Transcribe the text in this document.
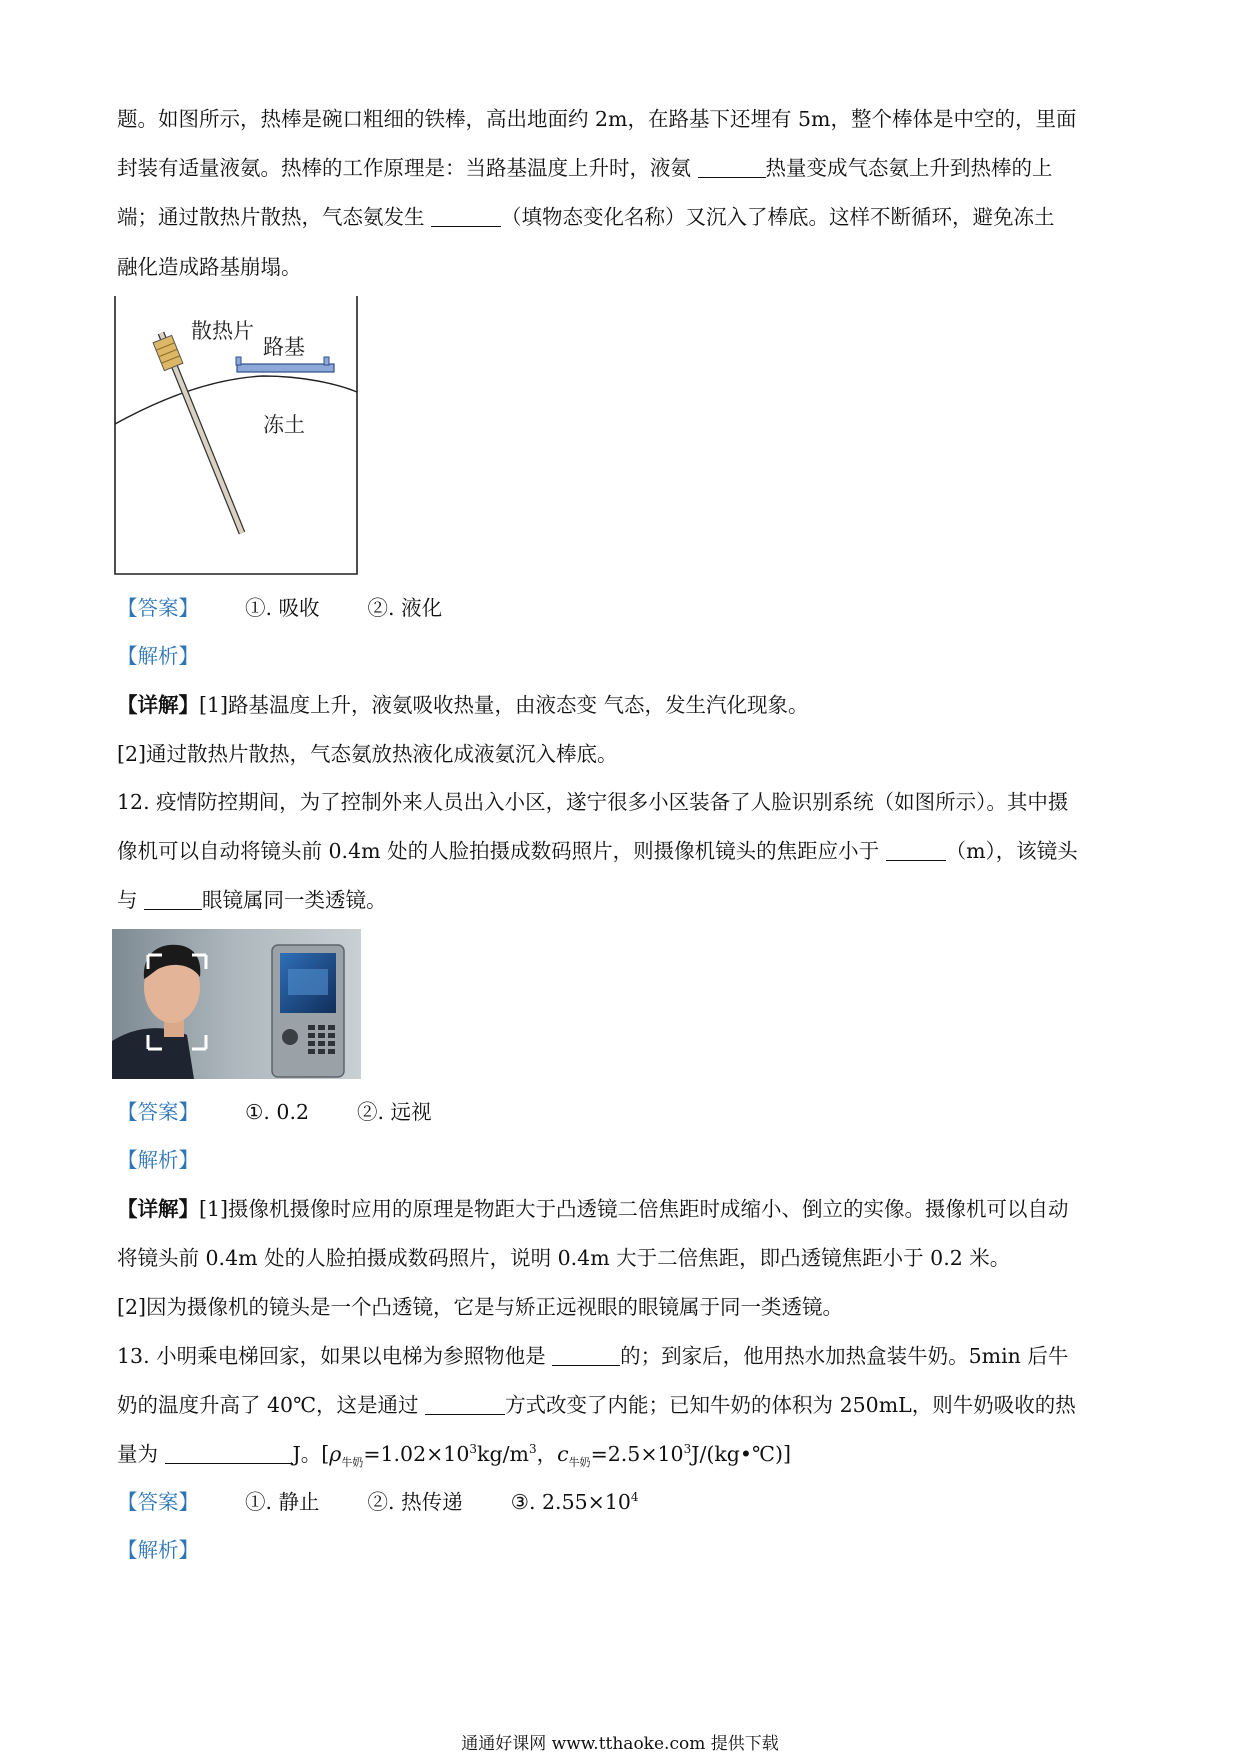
题。如图所示，热棒是碗口粗细的铁棒，高出地面约 2m，在路基下还埋有 5m，整个棒体是中空的，里面
封装有适量液氨。热棒的工作原理是：当路基温度上升时，液氨	热量变成气态氨上升到热棒的上
端；通过散热片散热，气态氨发生	（填物态变化名称）又沉入了棒底。这样不断循环，避免冻土
融化造成路基崩塌。
散热片
路基
冻土
【答案】 ①. 吸收 ②. 液化
【解析】
【详解】[1]路基温度上升，液氨吸收热量，由液态变 气态，发生汽化现象。
[2]通过散热片散热，气态氨放热液化成液氨沉入棒底。
12. 疫情防控期间，为了控制外来人员出入小区，遂宁很多小区装备了人脸识别系统（如图所示）。其中摄
像机可以自动将镜头前 0.4m 处的人脸拍摄成数码照片，则摄像机镜头的焦距应小于	（m），该镜头
与	眼镜属同一类透镜。
【答案】 ①. 0.2 ②. 远视
【解析】
【详解】[1]摄像机摄像时应用的原理是物距大于凸透镜二倍焦距时成缩小、倒立的实像。摄像机可以自动
将镜头前 0.4m 处的人脸拍摄成数码照片，说明 0.4m 大于二倍焦距，即凸透镜焦距小于 0.2 米。
[2]因为摄像机的镜头是一个凸透镜，它是与矫正远视眼的眼镜属于同一类透镜。
13. 小明乘电梯回家，如果以电梯为参照物他是	的；到家后，他用热水加热盒装牛奶。5min 后牛
奶的温度升高了 40℃，这是通过	方式改变了内能；已知牛奶的体积为 250mL，则牛奶吸收的热
量为	J。[$\rho_{牛奶}=1.02\times 10^3kg/m^3$，$c_{牛奶}=2.5\times 10^3J/(kg•℃)$]
【答案】 ①. 静止 ②. 热传递 ③. $2.55\times 10^4$
【解析】
通通好课网 www.tthaoke.com 提供下载
